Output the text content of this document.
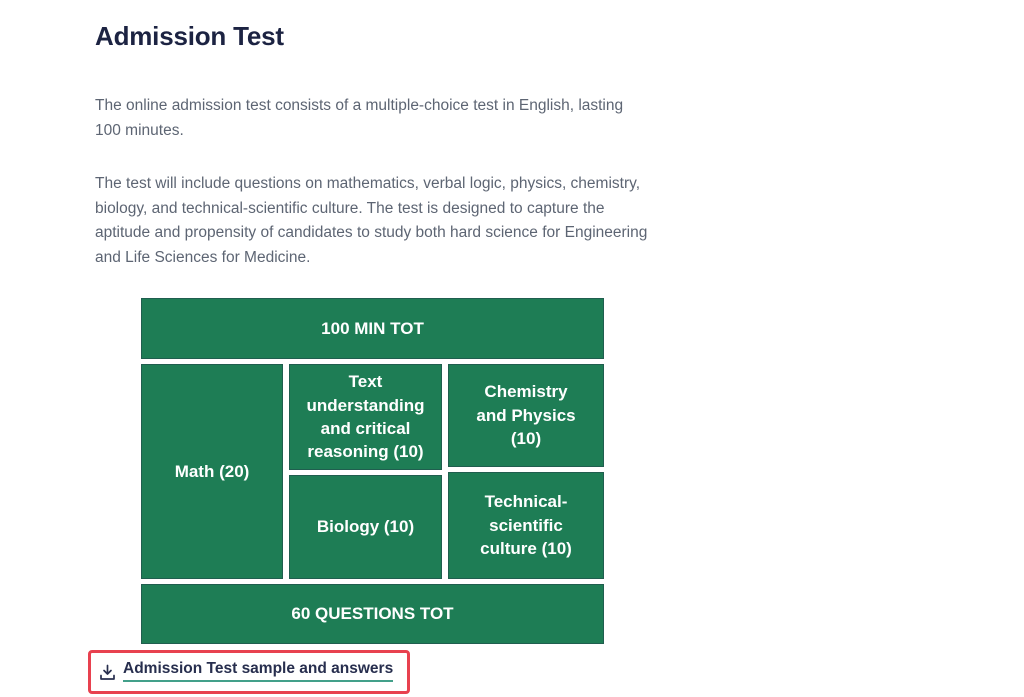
Admission Test

The online admission test consists of a multiple-choice test in English, lasting 100 minutes.

The test will include questions on mathematics, verbal logic, physics, chemistry, biology, and technical-scientific culture. The test is designed to capture the aptitude and propensity of candidates to study both hard science for Engineering and Life Sciences for Medicine.

100 MIN TOT
Math (20)
Text understanding and critical reasoning (10)
Biology (10)
Chemistry and Physics (10)
Technical-scientific culture (10)
60 QUESTIONS TOT
Admission Test sample and answers
